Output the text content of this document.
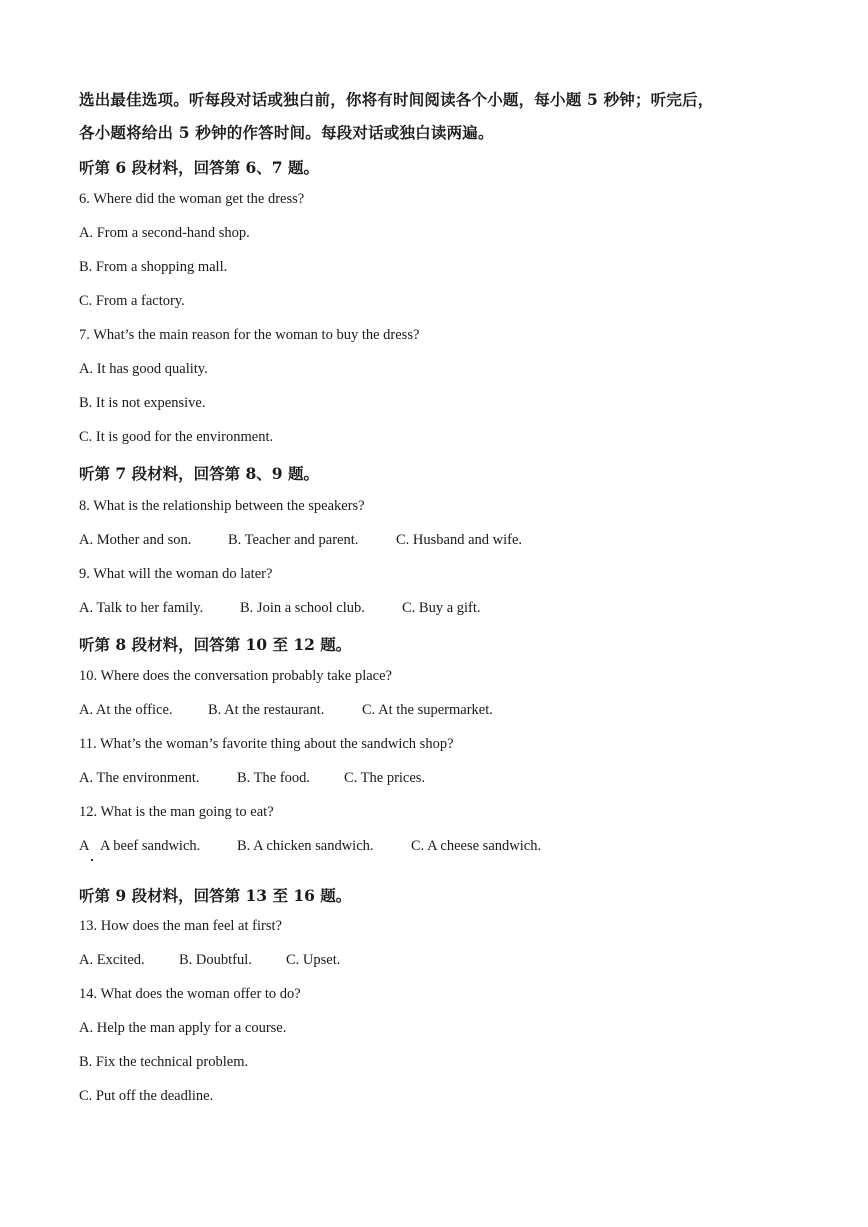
选出最佳选项。听每段对话或独白前，你将有时间阅读各个小题，每小题 5 秒钟；听完后，
各小题将给出 5 秒钟的作答时间。每段对话或独白读两遍。
听第 6 段材料，回答第 6、7 题。
6. Where did the woman get the dress?
A. From a second-hand shop.
B. From a shopping mall.
C. From a factory.
7. What’s the main reason for the woman to buy the dress?
A. It has good quality.
B. It is not expensive.
C. It is good for the environment.
听第 7 段材料，回答第 8、9 题。
8. What is the relationship between the speakers?
A. Mother and son.	B. Teacher and parent.	C. Husband and wife.
9. What will the woman do later?
A. Talk to her family.	B. Join a school club.	C. Buy a gift.
听第 8 段材料，回答第 10 至 12 题。
10. Where does the conversation probably take place?
A. At the office.	B. At the restaurant.	C. At the supermarket.
11. What’s the woman’s favorite thing about the sandwich shop?
A. The environment.	B. The food.	C. The prices.
12. What is the man going to eat?
A A beef sandwich.	B. A chicken sandwich.	C. A cheese sandwich.
听第 9 段材料，回答第 13 至 16 题。
13. How does the man feel at first?
A. Excited.	B. Doubtful.	C. Upset.
14. What does the woman offer to do?
A. Help the man apply for a course.
B. Fix the technical problem.
C. Put off the deadline.
